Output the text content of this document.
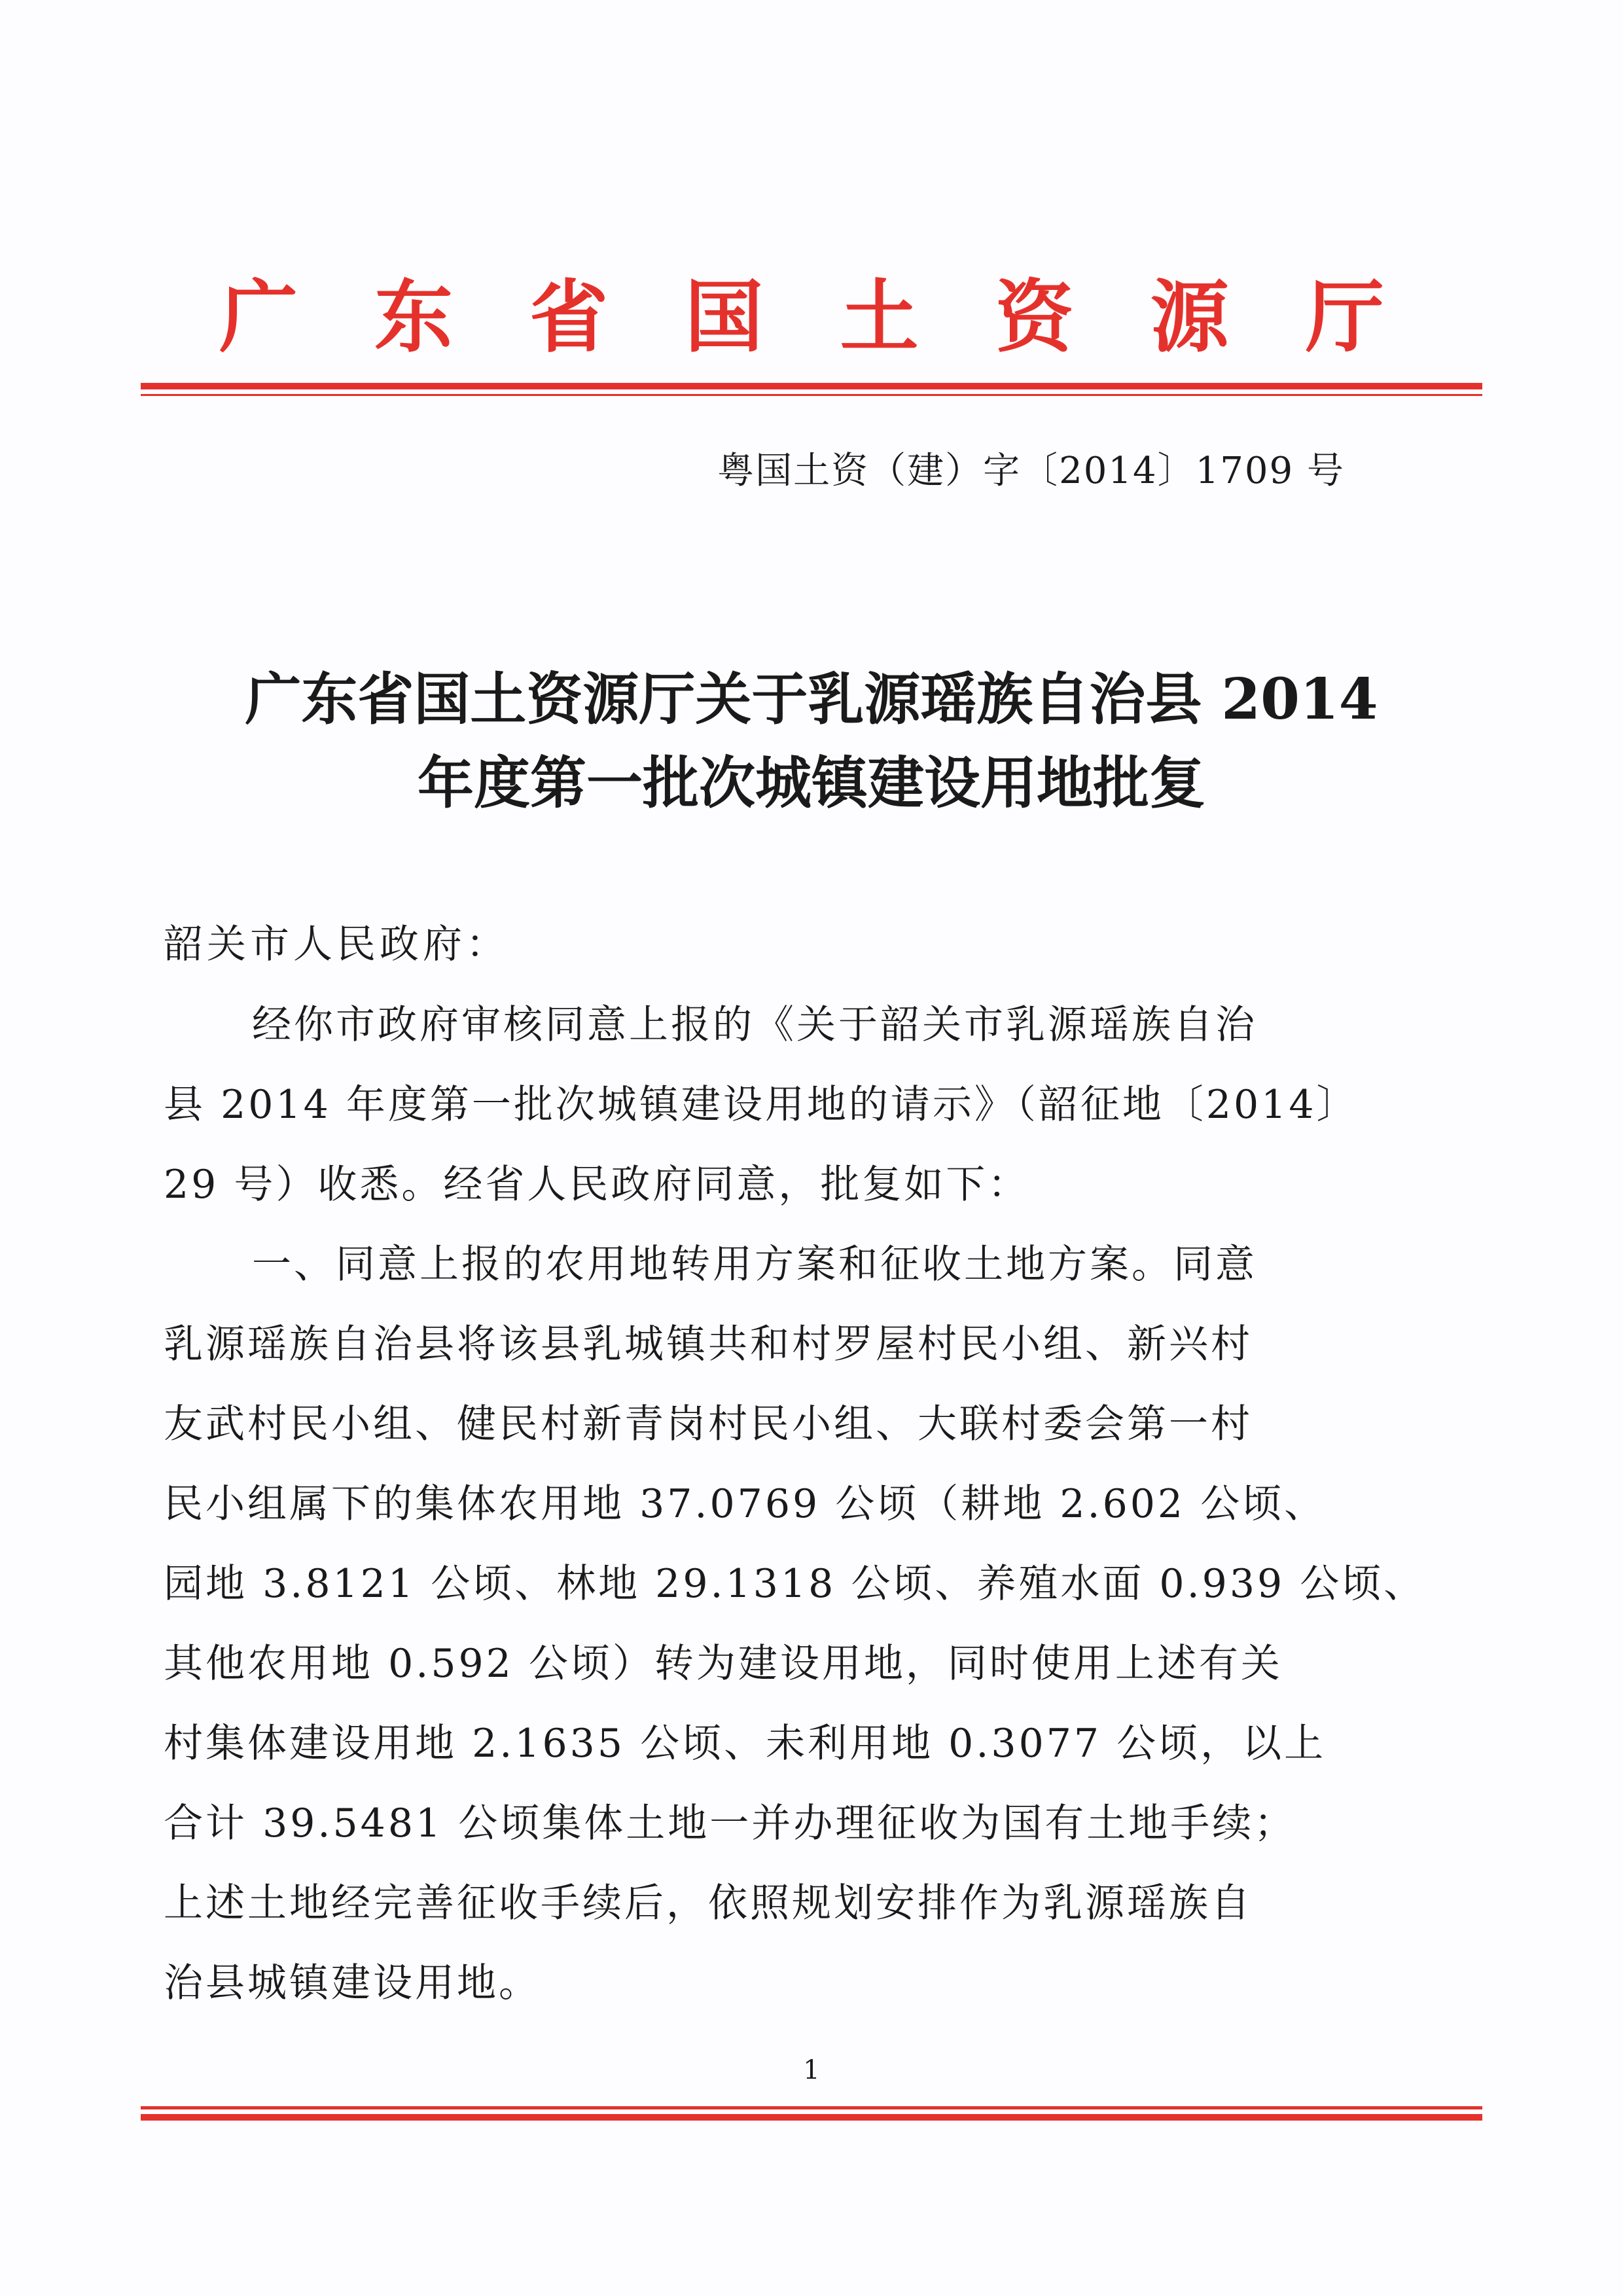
广 东 省 国 土 资 源 厅
粤国土资（建）字〔2014〕1709 号
广东省国土资源厅关于乳源瑶族自治县 2014
年度第一批次城镇建设用地批复

韶关市人民政府：

经你市政府审核同意上报的《关于韶关市乳源瑶族自治

县 2014 年度第一批次城镇建设用地的请示》（韶征地〔2014〕

29 号）收悉。经省人民政府同意，批复如下：

一、同意上报的农用地转用方案和征收土地方案。同意

乳源瑶族自治县将该县乳城镇共和村罗屋村民小组、新兴村

友武村民小组、健民村新青岗村民小组、大联村委会第一村

民小组属下的集体农用地 37.0769 公顷（耕地 2.602 公顷、

园地 3.8121 公顷、林地 29.1318 公顷、养殖水面 0.939 公顷、

其他农用地 0.592 公顷）转为建设用地，同时使用上述有关

村集体建设用地 2.1635 公顷、未利用地 0.3077 公顷，以上

合计 39.5481 公顷集体土地一并办理征收为国有土地手续；

上述土地经完善征收手续后，依照规划安排作为乳源瑶族自

治县城镇建设用地。

1
